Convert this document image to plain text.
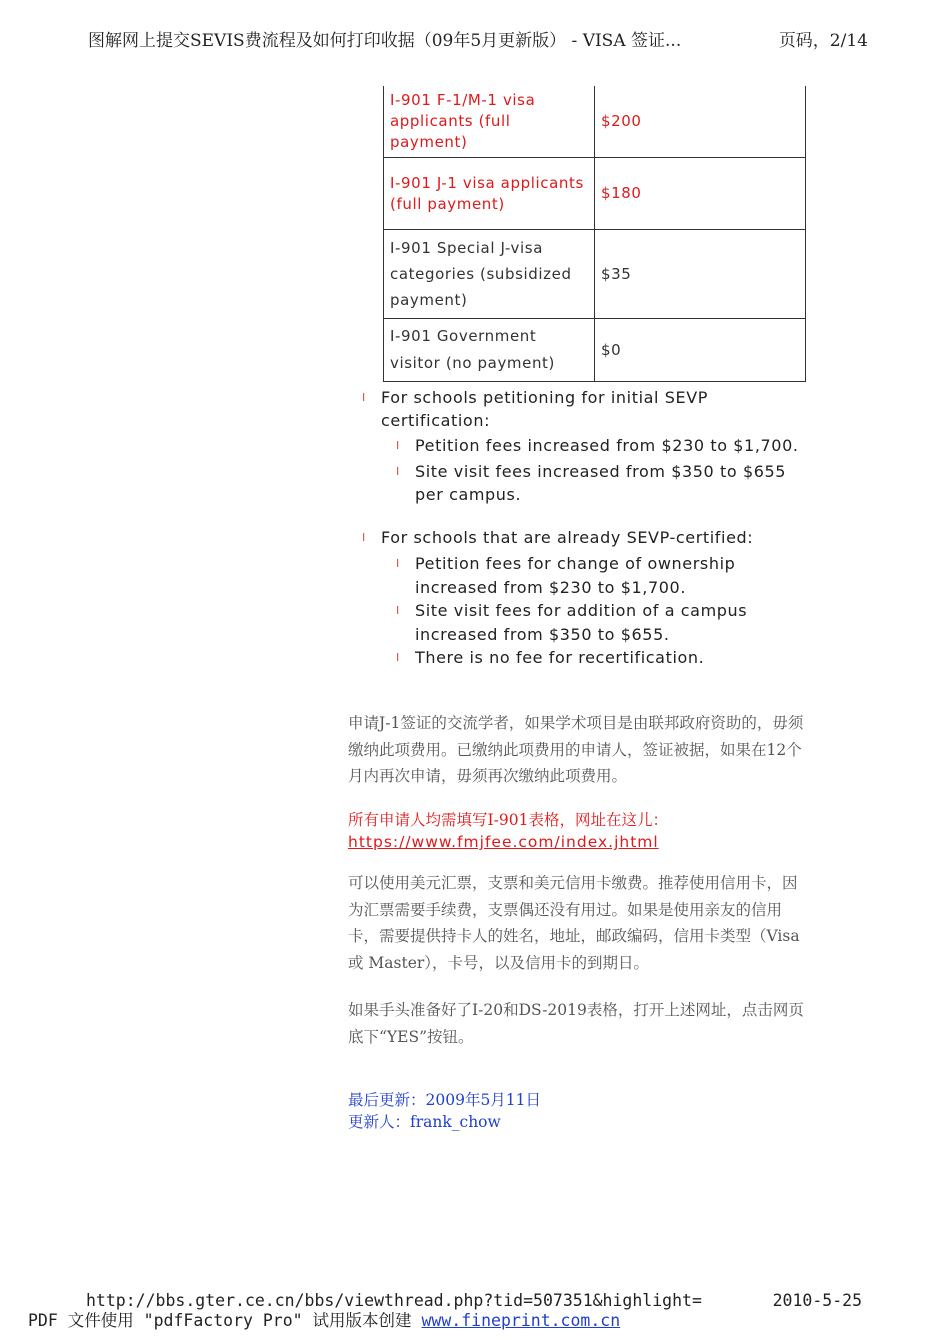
图解网上提交SEVIS费流程及如何打印收据（09年5月更新版） - VISA 签证...	页码，2/14
I-901 F-1/M-1 visa applicants (full payment)	$200
I-901 J-1 visa applicants (full payment)	$180
I-901 Special J-visa categories (subsidized payment)	$35
I-901 Government visitor (no payment)	$0
l For schools petitioning for initial SEVP certification:
l Petition fees increased from $230 to $1,700.
l Site visit fees increased from $350 to $655 per campus.
l For schools that are already SEVP-certified:
l Petition fees for change of ownership increased from $230 to $1,700.
l Site visit fees for addition of a campus increased from $350 to $655.
l There is no fee for recertification.
申请J-1签证的交流学者，如果学术项目是由联邦政府资助的，毋须缴纳此项费用。已缴纳此项费用的申请人，签证被据，如果在12个月内再次申请，毋须再次缴纳此项费用。
所有申请人均需填写I-901表格，网址在这儿：
https://www.fmjfee.com/index.jhtml
可以使用美元汇票，支票和美元信用卡缴费。推荐使用信用卡，因为汇票需要手续费，支票偶还没有用过。如果是使用亲友的信用卡，需要提供持卡人的姓名，地址，邮政编码，信用卡类型（Visa 或 Master），卡号，以及信用卡的到期日。
如果手头准备好了I-20和DS-2019表格，打开上述网址，点击网页底下“YES”按钮。
最后更新：2009年5月11日
更新人：frank_chow
http://bbs.gter.ce.cn/bbs/viewthread.php?tid=507351&highlight=	2010-5-25
PDF 文件使用 "pdfFactory Pro" 试用版本创建 www.fineprint.com.cn
